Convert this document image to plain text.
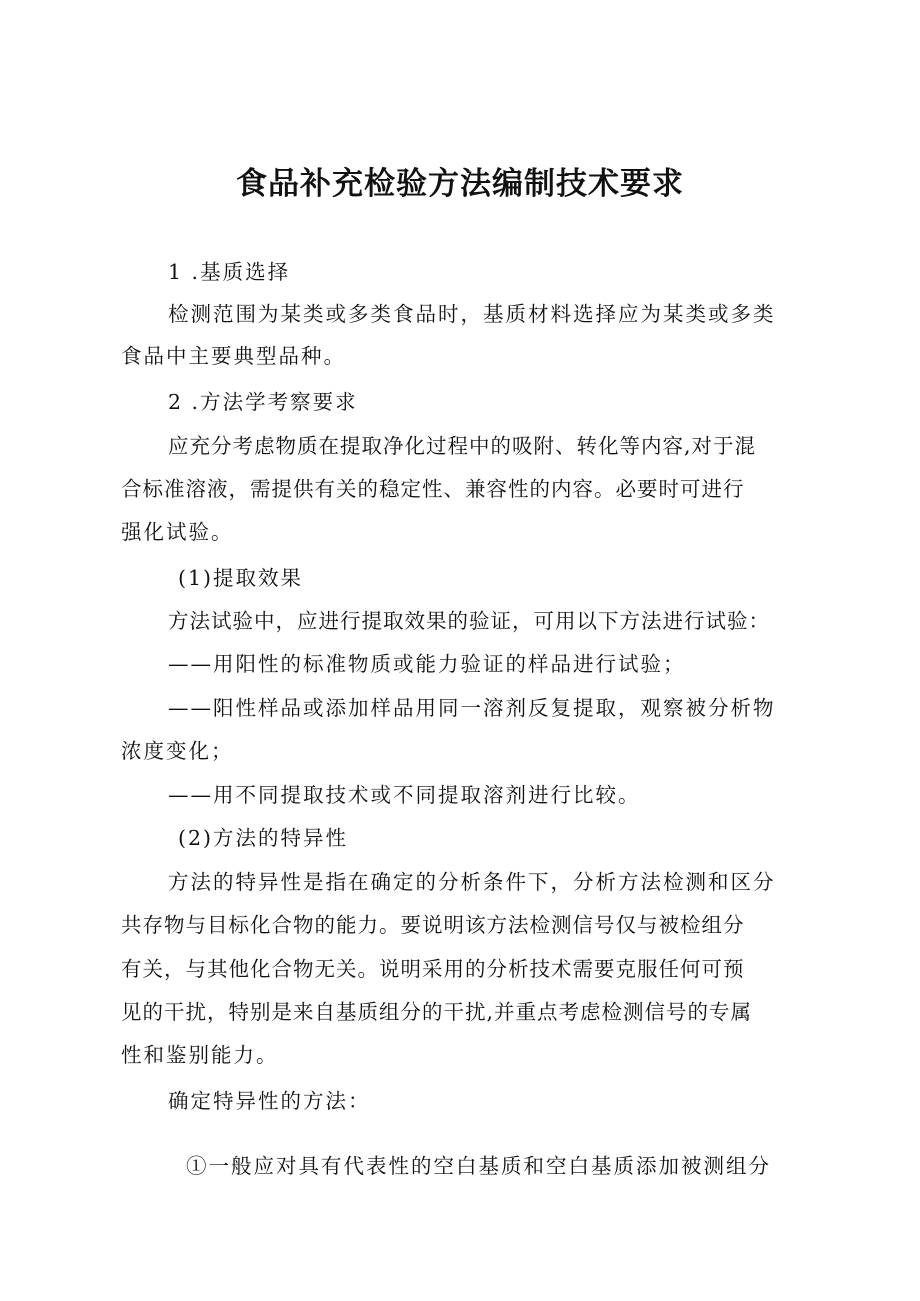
食品补充检验方法编制技术要求
1 .基质选择
检测范围为某类或多类食品时，基质材料选择应为某类或多类
食品中主要典型品种。
2 .方法学考察要求
应充分考虑物质在提取净化过程中的吸附、转化等内容,对于混
合标准溶液，需提供有关的稳定性、兼容性的内容。必要时可进行
强化试验。
(1)提取效果
方法试验中，应进行提取效果的验证，可用以下方法进行试验：
——用阳性的标准物质或能力验证的样品进行试验；
——阳性样品或添加样品用同一溶剂反复提取，观察被分析物
浓度变化；
——用不同提取技术或不同提取溶剂进行比较。
(2)方法的特异性
方法的特异性是指在确定的分析条件下，分析方法检测和区分
共存物与目标化合物的能力。要说明该方法检测信号仅与被检组分
有关，与其他化合物无关。说明采用的分析技术需要克服任何可预
见的干扰，特别是来自基质组分的干扰,并重点考虑检测信号的专属
性和鉴别能力。
确定特异性的方法：
①一般应对具有代表性的空白基质和空白基质添加被测组分
